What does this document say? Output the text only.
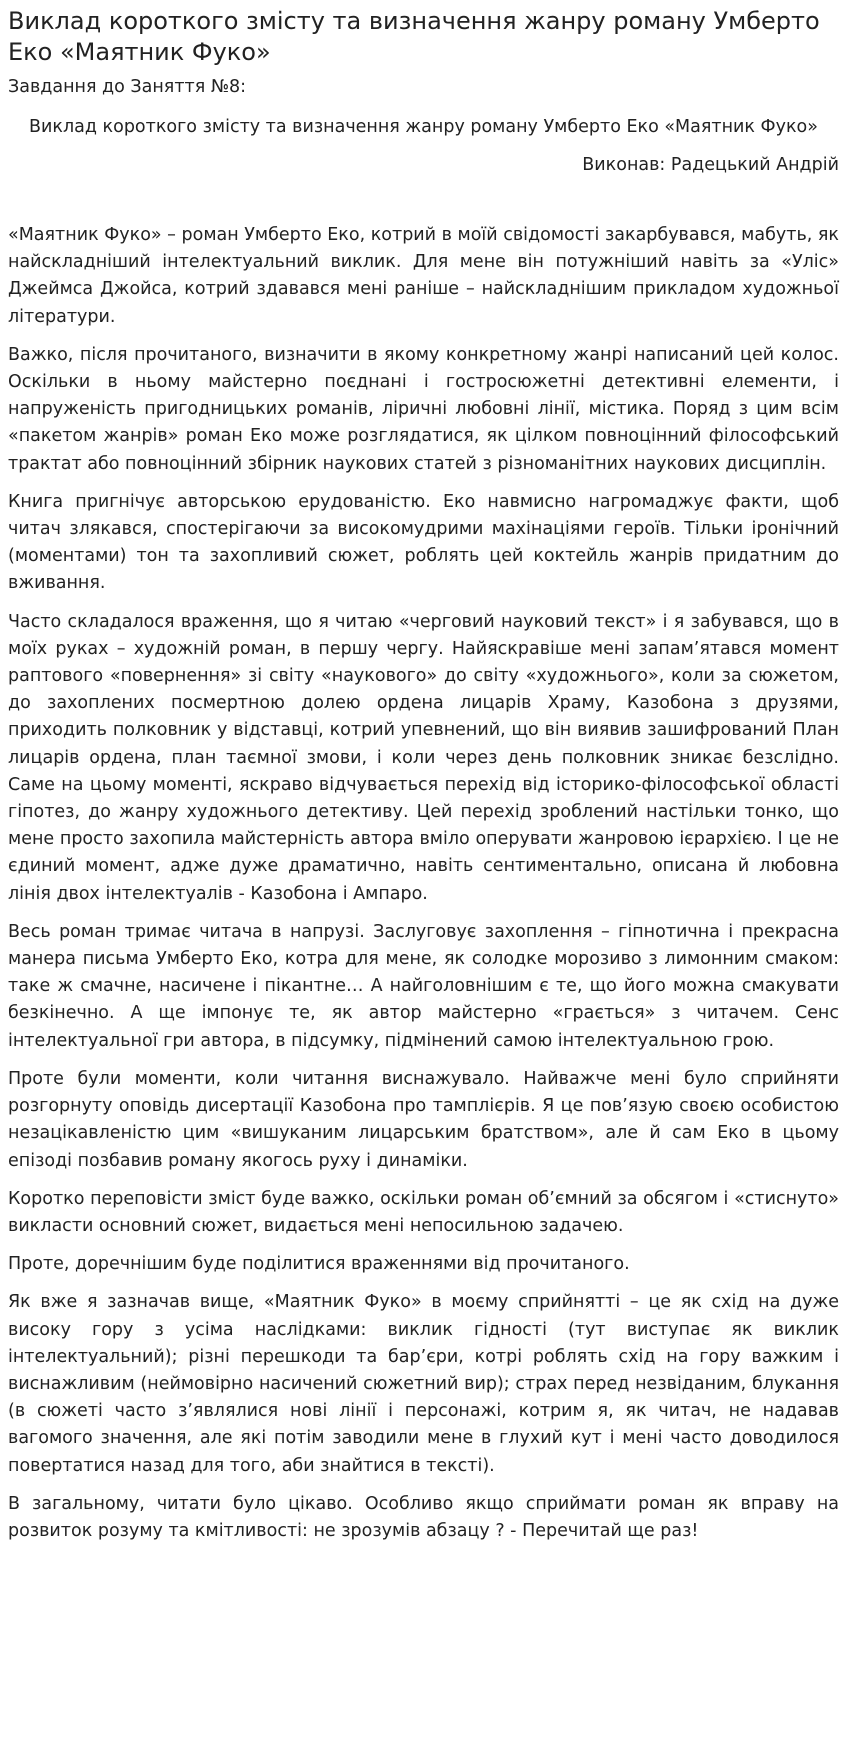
Виклад короткого змісту та визначення жанру роману Умберто Еко «Маятник Фуко»
Завдання до Заняття №8:
Виклад короткого змісту та визначення жанру роману Умберто Еко «Маятник Фуко»
Виконав: Радецький Андрій

«Маятник Фуко» – роман Умберто Еко, котрий в моїй свідомості закарбувався, мабуть, як найскладніший інтелектуальний виклик. Для мене він потужніший навіть за «Уліс» Джеймса Джойса, котрий здавався мені раніше – найскладнішим прикладом художньої літератури.

Важко, після прочитаного, визначити в якому конкретному жанрі написаний цей колос. Оскільки в ньому майстерно поєднані і гостросюжетні детективні елементи, і напруженість пригодницьких романів, ліричні любовні лінії, містика. Поряд з цим всім «пакетом жанрів» роман Еко може розглядатися, як цілком повноцінний філософський трактат або повноцінний збірник наукових статей з різноманітних наукових дисциплін.

Книга пригнічує авторською ерудованістю. Еко навмисно нагромаджує факти, щоб читач злякався, спостерігаючи за високомудрими махінаціями героїв. Тільки іронічний (моментами) тон та захопливий сюжет, роблять цей коктейль жанрів придатним до вживання.

Часто складалося враження, що я читаю «черговий науковий текст» і я забувався, що в моїх руках – художній роман, в першу чергу. Найяскравіше мені запам’ятався момент раптового «повернення» зі світу «наукового» до світу «художнього», коли за сюжетом, до захоплених посмертною долею ордена лицарів Храму, Казобона з друзями, приходить полковник у відставці, котрий упевнений, що він виявив зашифрований План лицарів ордена, план таємної змови, і коли через день полковник зникає безслідно. Саме на цьому моменті, яскраво відчувається перехід від історико-філософської області гіпотез, до жанру художнього детективу. Цей перехід зроблений настільки тонко, що мене просто захопила майстерність автора вміло оперувати жанровою ієрархією. І це не єдиний момент, адже дуже драматично, навіть сентиментально, описана й любовна лінія двох інтелектуалів - Казобона і Ампаро.

Весь роман тримає читача в напрузі. Заслуговує захоплення – гіпнотична і прекрасна манера письма Умберто Еко, котра для мене, як солодке морозиво з лимонним смаком: таке ж смачне, насичене і пікантне… А найголовнішим є те, що його можна смакувати безкінечно. А ще імпонує те, як автор майстерно «грається» з читачем. Сенс інтелектуальної гри автора, в підсумку, підмінений самою інтелектуальною грою.

Проте були моменти, коли читання виснажувало. Найважче мені було сприйняти розгорнуту оповідь дисертації Казобона про тамплієрів. Я це пов’язую своєю особистою незацікавленістю цим «вишуканим лицарським братством», але й сам Еко в цьому епізоді позбавив роману якогось руху і динаміки.

Коротко переповісти зміст буде важко, оскільки роман об’ємний за обсягом і «стиснуто» викласти основний сюжет, видається мені непосильною задачею.

Проте, доречнішим буде поділитися враженнями від прочитаного.

Як вже я зазначав вище, «Маятник Фуко» в моєму сприйнятті – це як схід на дуже високу гору з усіма наслідками: виклик гідності (тут виступає як виклик інтелектуальний); різні перешкоди та бар’єри, котрі роблять схід на гору важким і виснажливим (неймовірно насичений сюжетний вир); страх перед незвіданим, блукання (в сюжеті часто з’являлися нові лінії і персонажі, котрим я, як читач, не надавав вагомого значення, але які потім заводили мене в глухий кут і мені часто доводилося повертатися назад для того, аби знайтися в тексті).

В загальному, читати було цікаво. Особливо якщо сприймати роман як вправу на розвиток розуму та кмітливості: не зрозумів абзацу ? - Перечитай ще раз!
